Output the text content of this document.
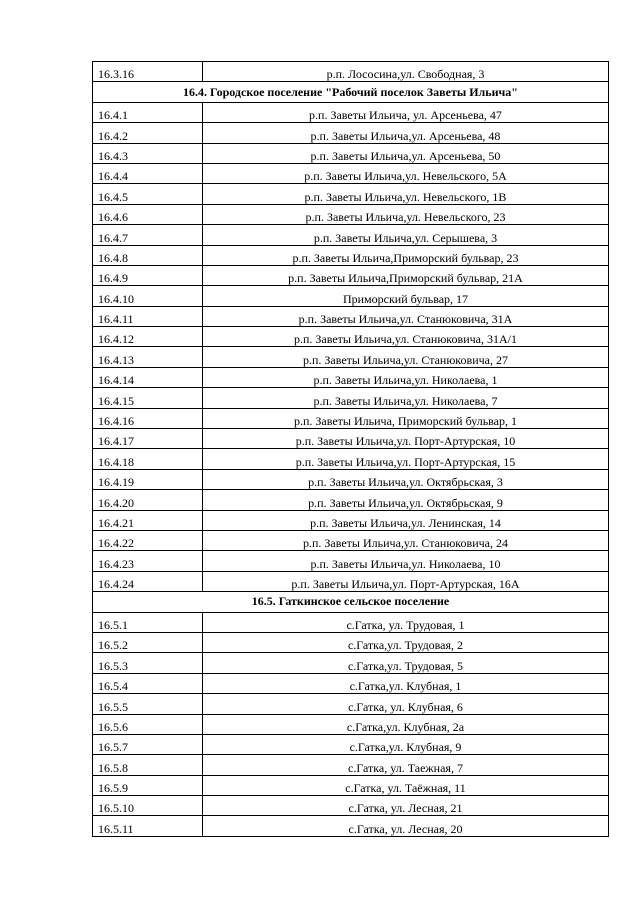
16.3.16	р.п. Лососина,ул. Свободная, 3
16.4. Городское поселение "Рабочий поселок Заветы Ильича"	
16.4.1	р.п. Заветы Ильича, ул. Арсеньева, 47
16.4.2	р.п. Заветы Ильича,ул. Арсеньева, 48
16.4.3	р.п. Заветы Ильича,ул. Арсеньева, 50
16.4.4	р.п. Заветы Ильича,ул. Невельского, 5А
16.4.5	р.п. Заветы Ильича,ул. Невельского, 1В
16.4.6	р.п. Заветы Ильича,ул. Невельского, 23
16.4.7	р.п. Заветы Ильича,ул. Серышева, 3
16.4.8	р.п. Заветы Ильича,Приморский бульвар, 23
16.4.9	р.п. Заветы Ильича,Приморский бульвар, 21А
16.4.10	Приморский бульвар, 17
16.4.11	р.п. Заветы Ильича,ул. Станюковича, 31А
16.4.12	р.п. Заветы Ильича,ул. Станюковича, 31А/1
16.4.13	р.п. Заветы Ильича,ул. Станюковича, 27
16.4.14	р.п. Заветы Ильича,ул. Николаева, 1
16.4.15	р.п. Заветы Ильича,ул. Николаева, 7
16.4.16	р.п. Заветы Ильича, Приморский бульвар, 1
16.4.17	р.п. Заветы Ильича,ул. Порт-Артурская, 10
16.4.18	р.п. Заветы Ильича,ул. Порт-Артурская, 15
16.4.19	р.п. Заветы Ильича,ул. Октябрьская, 3
16.4.20	р.п. Заветы Ильича,ул. Октябрьская, 9
16.4.21	р.п. Заветы Ильича,ул. Ленинская, 14
16.4.22	р.п. Заветы Ильича,ул. Станюковича, 24
16.4.23	р.п. Заветы Ильича,ул. Николаева, 10
16.4.24	р.п. Заветы Ильича,ул. Порт-Артурская, 16А
16.5. Гаткинское сельское поселение	
16.5.1	с.Гатка, ул. Трудовая, 1
16.5.2	с.Гатка,ул. Трудовая, 2
16.5.3	с.Гатка,ул. Трудовая, 5
16.5.4	с.Гатка,ул. Клубная, 1
16.5.5	с.Гатка, ул. Клубная, 6
16.5.6	с.Гатка,ул. Клубная, 2а
16.5.7	с.Гатка,ул. Клубная, 9
16.5.8	с.Гатка, ул. Таежная, 7
16.5.9	с.Гатка, ул. Таёжная, 11
16.5.10	с.Гатка, ул. Лесная, 21
16.5.11	с.Гатка, ул. Лесная, 20
